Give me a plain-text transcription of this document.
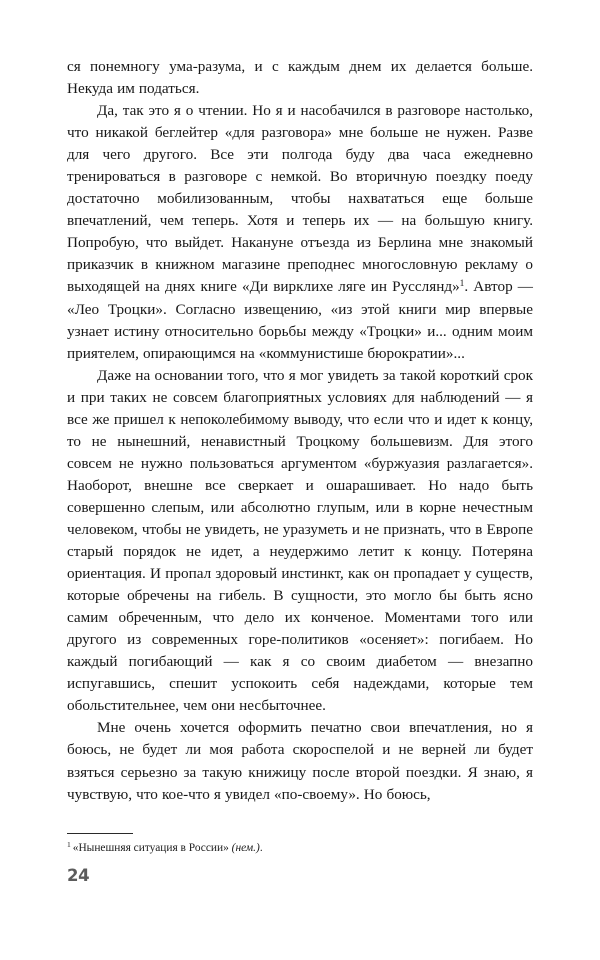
ся понемногу ума-разума, и с каждым днем их делается больше. Некуда им податься.

Да, так это я о чтении. Но я и насобачился в разговоре настолько, что никакой беглейтер «для разговора» мне больше не нужен. Разве для чего другого. Все эти полгода буду два часа ежедневно тренироваться в разговоре с немкой. Во вторичную поездку поеду достаточно мобилизованным, чтобы нахвататься еще больше впечатлений, чем теперь. Хотя и теперь их — на большую книгу. Попробую, что выйдет. Накануне отъезда из Берлина мне знакомый приказчик в книжном магазине преподнес многословную рекламу о выходящей на днях книге «Ди вирклихе ляге ин Русслянд»$^1$. Автор — «Лео Троцки». Согласно извещению, «из этой книги мир впервые узнает истину относительно борьбы между «Троцки» и... одним моим приятелем, опирающимся на «коммунистише бюрократии»...

Даже на основании того, что я мог увидеть за такой короткий срок и при таких не совсем благоприятных условиях для наблюдений — я все же пришел к непоколебимому выводу, что если что и идет к концу, то не нынешний, ненавистный Троцкому большевизм. Для этого совсем не нужно пользоваться аргументом «буржуазия разлагается». Наоборот, внешне все сверкает и ошарашивает. Но надо быть совершенно слепым, или абсолютно глупым, или в корне нечестным человеком, чтобы не увидеть, не уразуметь и не признать, что в Европе старый порядок не идет, а неудержимо летит к концу. Потеряна ориентация. И пропал здоровый инстинкт, как он пропадает у существ, которые обречены на гибель. В сущности, это могло бы быть ясно самим обреченным, что дело их конченое. Моментами того или другого из современных горе-политиков «осеняет»: погибаем. Но каждый погибающий — как я со своим диабетом — внезапно испугавшись, спешит успокоить себя надеждами, которые тем обольстительнее, чем они несбыточнее.

Мне очень хочется оформить печатно свои впечатления, но я боюсь, не будет ли моя работа скороспелой и не верней ли будет взяться серьезно за такую книжицу после второй поездки. Я знаю, я чувствую, что кое-что я увидел «по-своему». Но боюсь,

$^1$ «Нынешняя ситуация в России» (нем.).

24
